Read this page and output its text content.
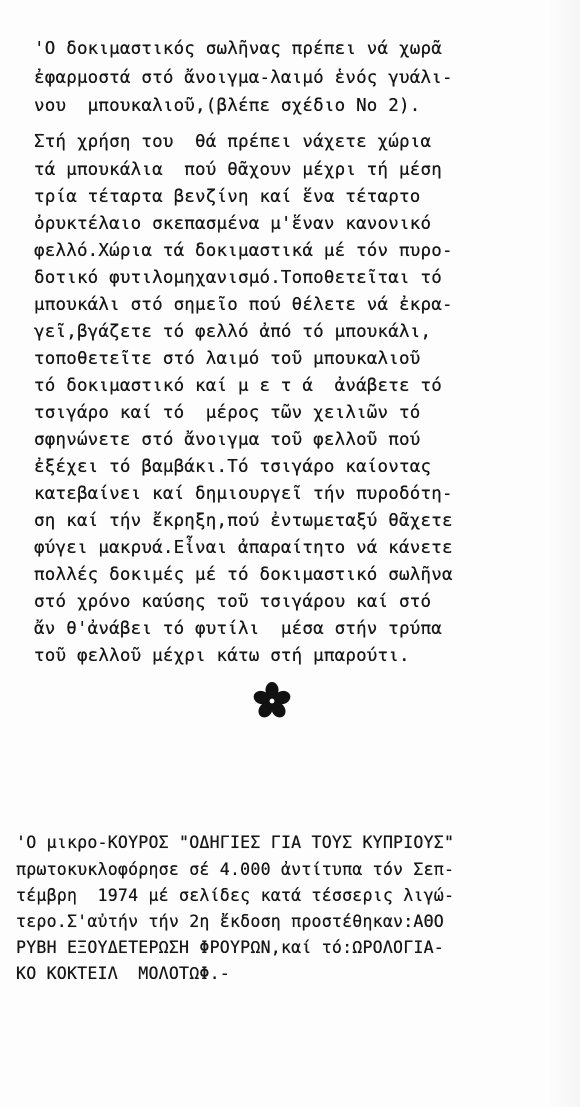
'Ο δοκιμαστικός σωλῆνας πρέπει νά χωρᾶ
ἐφαρμοστά στό ἄνοιγμα-λαιμό ἑνός γυάλι-
νου  μπουκαλιοῦ,(βλέπε σχέδιο Νο 2).
Στή χρήση του  θά πρέπει νάχετε χώρια
τά μπουκάλια  πού θᾶχουν μέχρι τή μέση
τρία τέταρτα βενζίνη καί ἕνα τέταρτο
ὀρυκτέλαιο σκεπασμένα μ'ἕναν κανονικό
φελλό.Χώρια τά δοκιμαστικά μέ τόν πυρο-
δοτικό φυτιλομηχανισμό.Τοποθετεῖται τό
μπουκάλι στό σημεῖο πού θέλετε νά ἐκρα-
γεῖ,βγάζετε τό φελλό ἀπό τό μπουκάλι,
τοποθετεῖτε στό λαιμό τοῦ μπουκαλιοῦ
τό δοκιμαστικό καί μ ε τ ά  ἀνάβετε τό
τσιγάρο καί τό  μέρος τῶν χειλιῶν τό
σφηνώνετε στό ἄνοιγμα τοῦ φελλοῦ πού
ἐξέχει τό βαμβάκι.Τό τσιγάρο καίοντας
κατεβαίνει καί δημιουργεῖ τήν πυροδότη-
ση καί τήν ἔκρηξη,πού ἐντωμεταξύ θᾶχετε
φύγει μακρυά.Εἶναι ἀπαραίτητο νά κάνετε
πολλές δοκιμές μέ τό δοκιμαστικό σωλῆνα
στό χρόνο καύσης τοῦ τσιγάρου καί στό
ἄν θ'ἀνάβει τό φυτίλι  μέσα στήν τρύπα
τοῦ φελλοῦ μέχρι κάτω στή μπαρούτι.
'Ο μικρο-ΚΟΥΡΟΣ "ΟΔΗΓΙΕΣ ΓΙΑ ΤΟΥΣ ΚΥΠΡΙΟΥΣ"
πρωτοκυκλοφόρησε σέ 4.000 ἀντίτυπα τόν Σεπ-
τέμβρη  1974 μέ σελίδες κατά τέσσερις λιγώ-
τερο.Σ'αὐτήν τήν 2η ἔκδοση προστέθηκαν:ΑΘΟ
ΡΥΒΗ ΕΞΟΥΔΕΤΕΡΩΣΗ ΦΡΟΥΡΩΝ,καί τό:ΩΡΟΛΟΓΙΑ-
ΚΟ ΚΟΚΤΕΙΛ  ΜΟΛΟΤΩΦ.-
